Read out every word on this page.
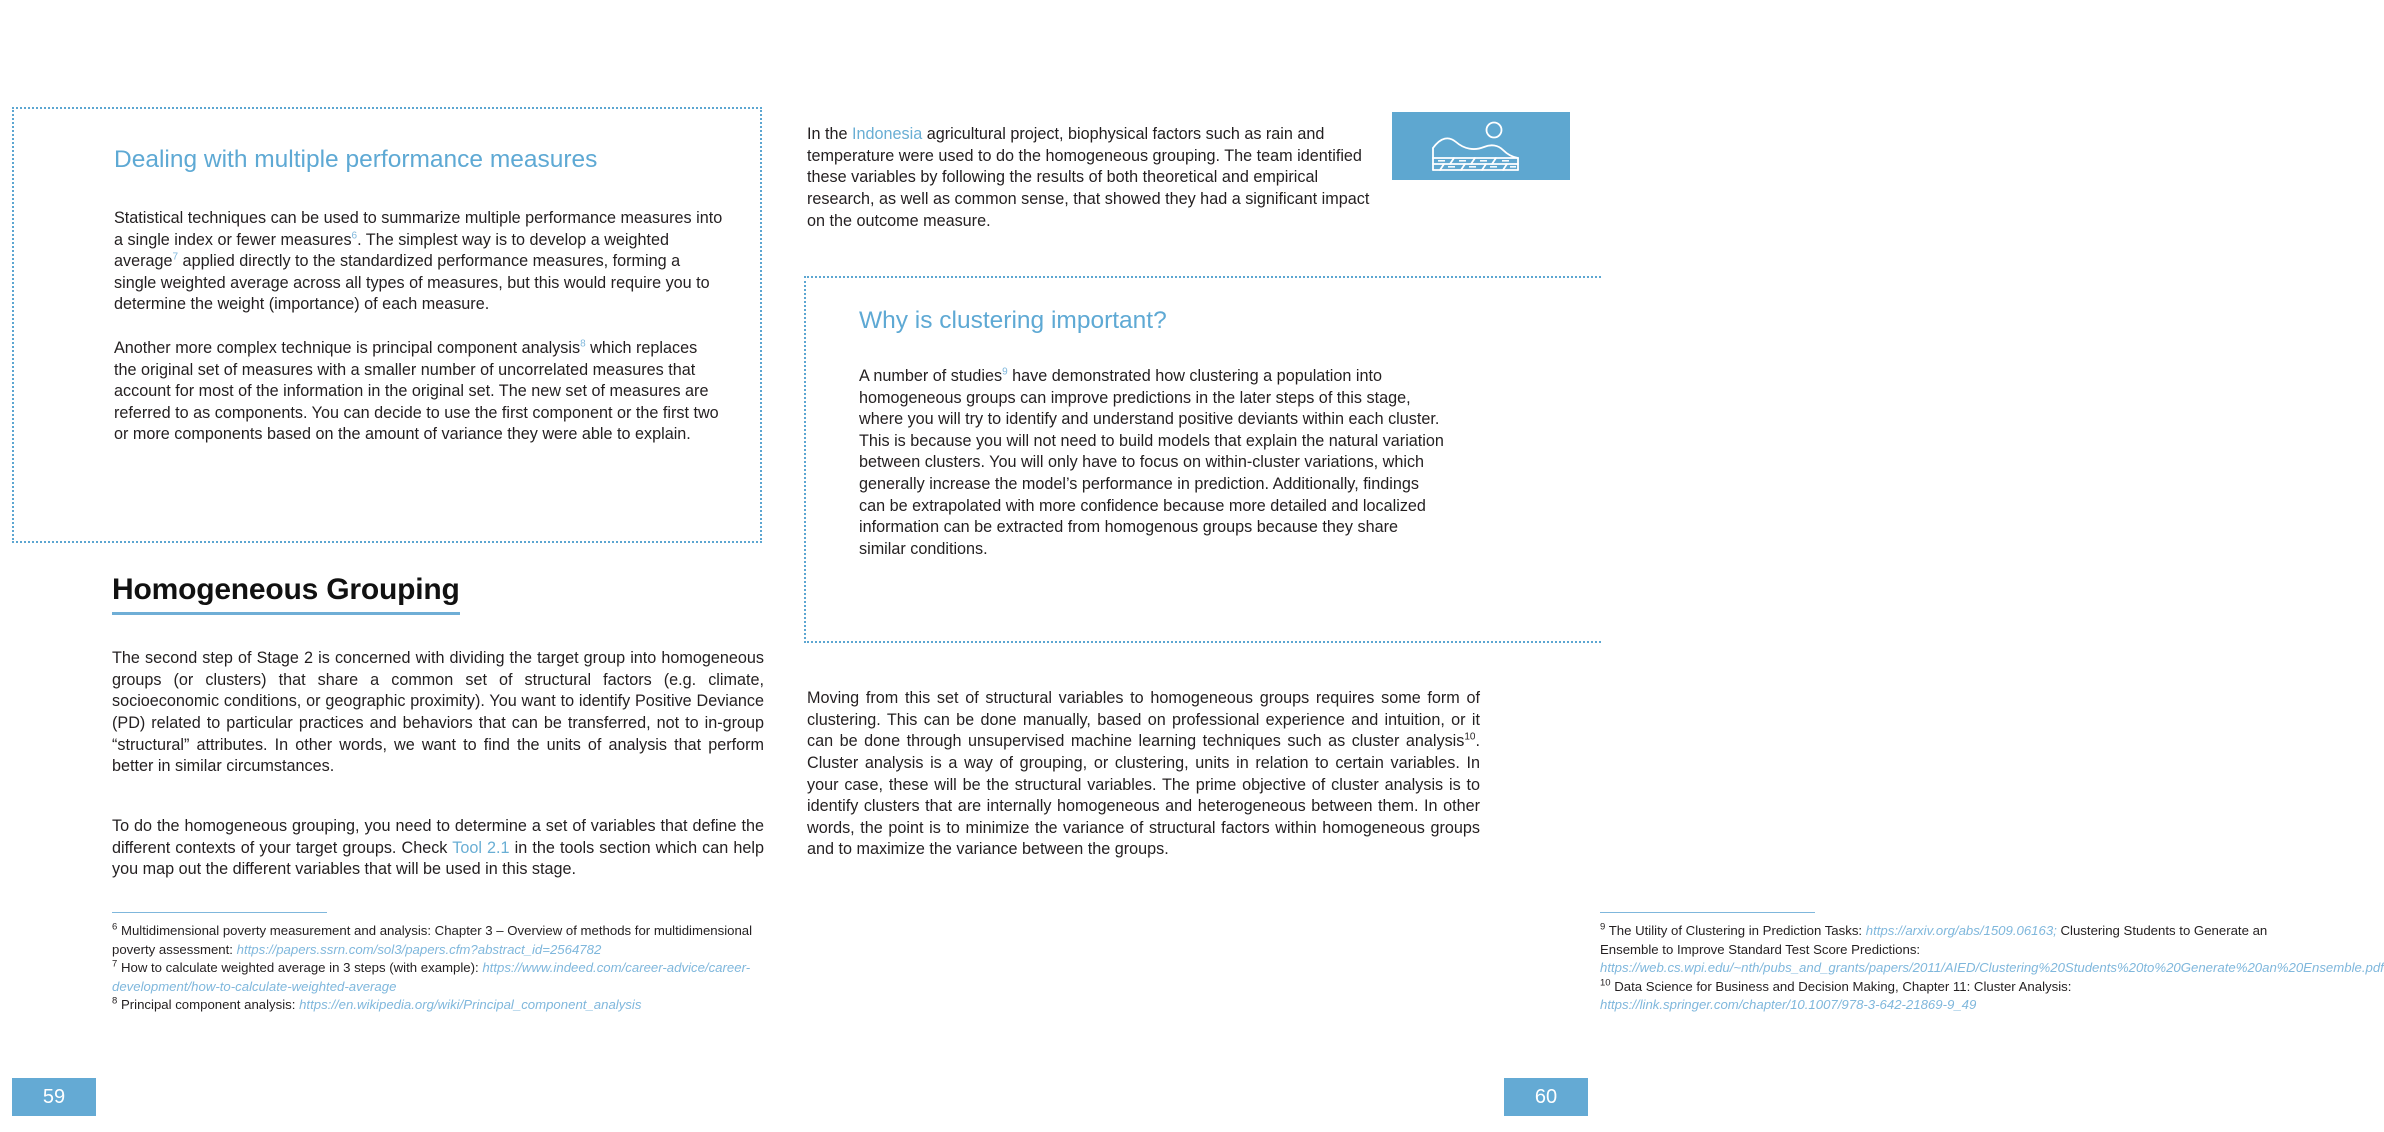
Dealing with multiple performance measures

Statistical techniques can be used to summarize multiple performance measures into a single index or fewer measures$^6$. The simplest way is to develop a weighted average$^7$ applied directly to the standardized performance measures, forming a single weighted average across all types of measures, but this would require you to determine the weight (importance) of each measure.

Another more complex technique is principal component analysis$^8$ which replaces the original set of measures with a smaller number of uncorrelated measures that account for most of the information in the original set. The new set of measures are referred to as components. You can decide to use the first component or the first two or more components based on the amount of variance they were able to explain.

Homogeneous Grouping

The second step of Stage 2 is concerned with dividing the target group into homogeneous groups (or clusters) that share a common set of structural factors (e.g. climate, socioeconomic conditions, or geographic proximity). You want to identify Positive Deviance (PD) related to particular practices and behaviors that can be transferred, not to in-group “structural” attributes. In other words, we want to find the units of analysis that perform better in similar circumstances.

To do the homogeneous grouping, you need to determine a set of variables that define the different contexts of your target groups. Check Tool 2.1 in the tools section which can help you map out the different variables that will be used in this stage.

$^6$ Multidimensional poverty measurement and analysis: Chapter 3 – Overview of methods for multidimensional poverty assessment: https://papers.ssrn.com/sol3/papers.cfm?abstract_id=2564782

$^7$ How to calculate weighted average in 3 steps (with example): https://www.indeed.com/career-advice/career-development/how-to-calculate-weighted-average

$^8$ Principal component analysis: https://en.wikipedia.org/wiki/Principal_component_analysis

59

In the Indonesia agricultural project, biophysical factors such as rain and temperature were used to do the homogeneous grouping. The team identified these variables by following the results of both theoretical and empirical research, as well as common sense, that showed they had a significant impact on the outcome measure.

Why is clustering important?

A number of studies$^9$ have demonstrated how clustering a population into homogeneous groups can improve predictions in the later steps of this stage, where you will try to identify and understand positive deviants within each cluster. This is because you will not need to build models that explain the natural variation between clusters. You will only have to focus on within-cluster variations, which generally increase the model’s performance in prediction. Additionally, findings can be extrapolated with more confidence because more detailed and localized information can be extracted from homogenous groups because they share similar conditions.

Moving from this set of structural variables to homogeneous groups requires some form of clustering. This can be done manually, based on professional experience and intuition, or it can be done through unsupervised machine learning techniques such as cluster analysis$^{10}$. Cluster analysis is a way of grouping, or clustering, units in relation to certain variables. In your case, these will be the structural variables. The prime objective of cluster analysis is to identify clusters that are internally homogeneous and heterogeneous between them. In other words, the point is to minimize the variance of structural factors within homogeneous groups and to maximize the variance between the groups.

$^9$ The Utility of Clustering in Prediction Tasks: https://arxiv.org/abs/1509.06163; Clustering Students to Generate an Ensemble to Improve Standard Test Score Predictions: https://web.cs.wpi.edu/~nth/pubs_and_grants/papers/2011/AIED/Clustering%20Students%20to%20Generate%20an%20Ensemble.pdf

$^{10}$ Data Science for Business and Decision Making, Chapter 11: Cluster Analysis: https://link.springer.com/chapter/10.1007/978-3-642-21869-9_49

60
